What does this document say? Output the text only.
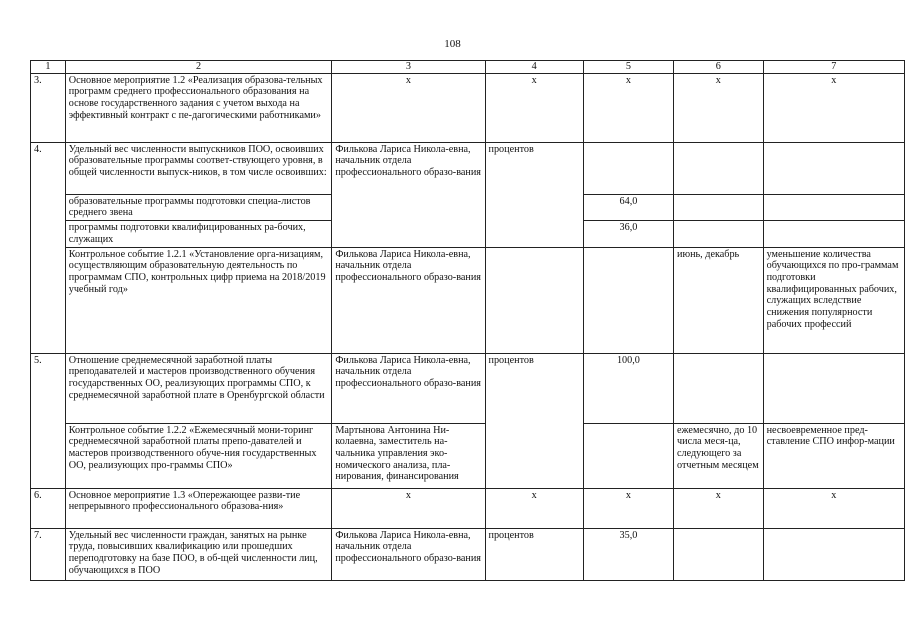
108
1	2	3	4	5	6	7
3.	Основное мероприятие 1.2 «Реализация образова-тельных программ среднего профессионального образования на основе государственного задания с учетом выхода на эффективный контракт с пе-дагогическими работниками»	х	х	х	х	х
4.	Удельный вес численности выпускников ПОО, освоивших образовательные программы соответ-ствующего уровня, в общей численности выпуск-ников, в том числе освоивших:	Филькова Лариса Никола-евна, начальник отдела профессионального образо-вания	процентов			
	образовательные программы подготовки специа-листов среднего звена			64,0		
	программы подготовки квалифицированных ра-бочих, служащих			36,0		
	Контрольное событие 1.2.1 «Установление орга-низациям, осуществляющим образовательную деятельность по программам СПО, контрольных цифр приема на 2018/2019 учебный год»	Филькова Лариса Никола-евна, начальник отдела профессионального образо-вания			июнь, декабрь	уменьшение количества обучающихся по про-граммам подготовки квалифицированных рабочих, служащих вследствие снижения популярности рабочих профессий
5.	Отношение среднемесячной заработной платы преподавателей и мастеров производственного обучения государственных ОО, реализующих программы СПО, к среднемесячной заработной плате в Оренбургской области	Филькова Лариса Никола-евна, начальник отдела профессионального образо-вания	процентов	100,0		
	Контрольное событие 1.2.2 «Ежемесячный мони-торинг среднемесячной заработной платы препо-давателей и мастеров производственного обуче-ния государственных ОО, реализующих про-граммы СПО»	Мартынова Антонина Ни-колаевна, заместитель на-чальника управления эко-номического анализа, пла-нирования, финансирования			ежемесячно, до 10 числа меся-ца, следующего за отчетным месяцем	несвоевременное пред-ставление СПО инфор-мации
6.	Основное мероприятие 1.3 «Опережающее разви-тие непрерывного профессионального образова-ния»	х	х	х	х	х
7.	Удельный вес численности граждан, занятых на рынке труда, повысивших квалификацию или прошедших переподготовку на базе ПОО, в об-щей численности лиц, обучающихся в ПОО	Филькова Лариса Никола-евна, начальник отдела профессионального образо-вания	процентов	35,0		
